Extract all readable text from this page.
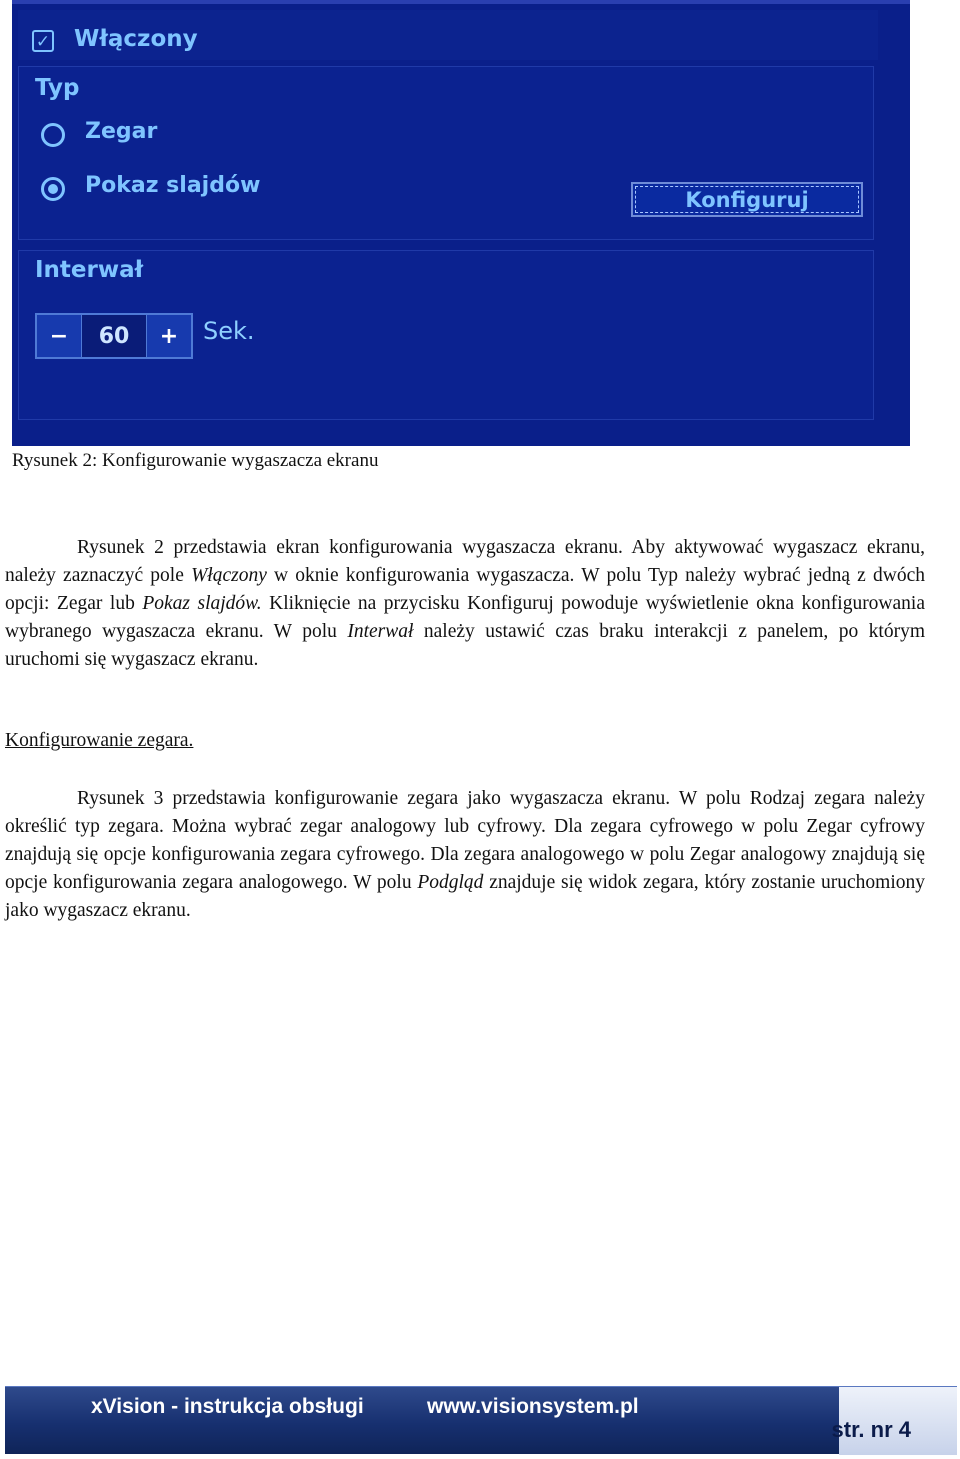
✓ Włączony
Typ
Zegar
Pokaz slajdów
Konfiguruj
Interwał
−	60	+	Sek.
Rysunek 2: Konfigurowanie wygaszacza ekranu
Rysunek 2 przedstawia ekran konfigurowania wygaszacza ekranu. Aby aktywować wygaszacz ekranu, należy zaznaczyć pole Włączony w oknie konfigurowania wygaszacza. W polu Typ należy wybrać jedną z dwóch opcji: Zegar lub Pokaz slajdów. Kliknięcie na przycisku Konfiguruj powoduje wyświetlenie okna konfigurowania wybranego wygaszacza ekranu. W polu Interwał należy ustawić czas braku interakcji z panelem, po którym uruchomi się wygaszacz ekranu.
Konfigurowanie zegara.
Rysunek 3 przedstawia konfigurowanie zegara jako wygaszacza ekranu. W polu Rodzaj zegara należy określić typ zegara. Można wybrać zegar analogowy lub cyfrowy. Dla zegara cyfrowego w polu Zegar cyfrowy znajdują się opcje konfigurowania zegara cyfrowego. Dla zegara analogowego w polu Zegar analogowy znajdują się opcje konfigurowania zegara analogowego. W polu Podgląd znajduje się widok zegara, który zostanie uruchomiony jako wygaszacz ekranu.
xVision - instrukcja obsługi	www.visionsystem.pl
str. nr 4
